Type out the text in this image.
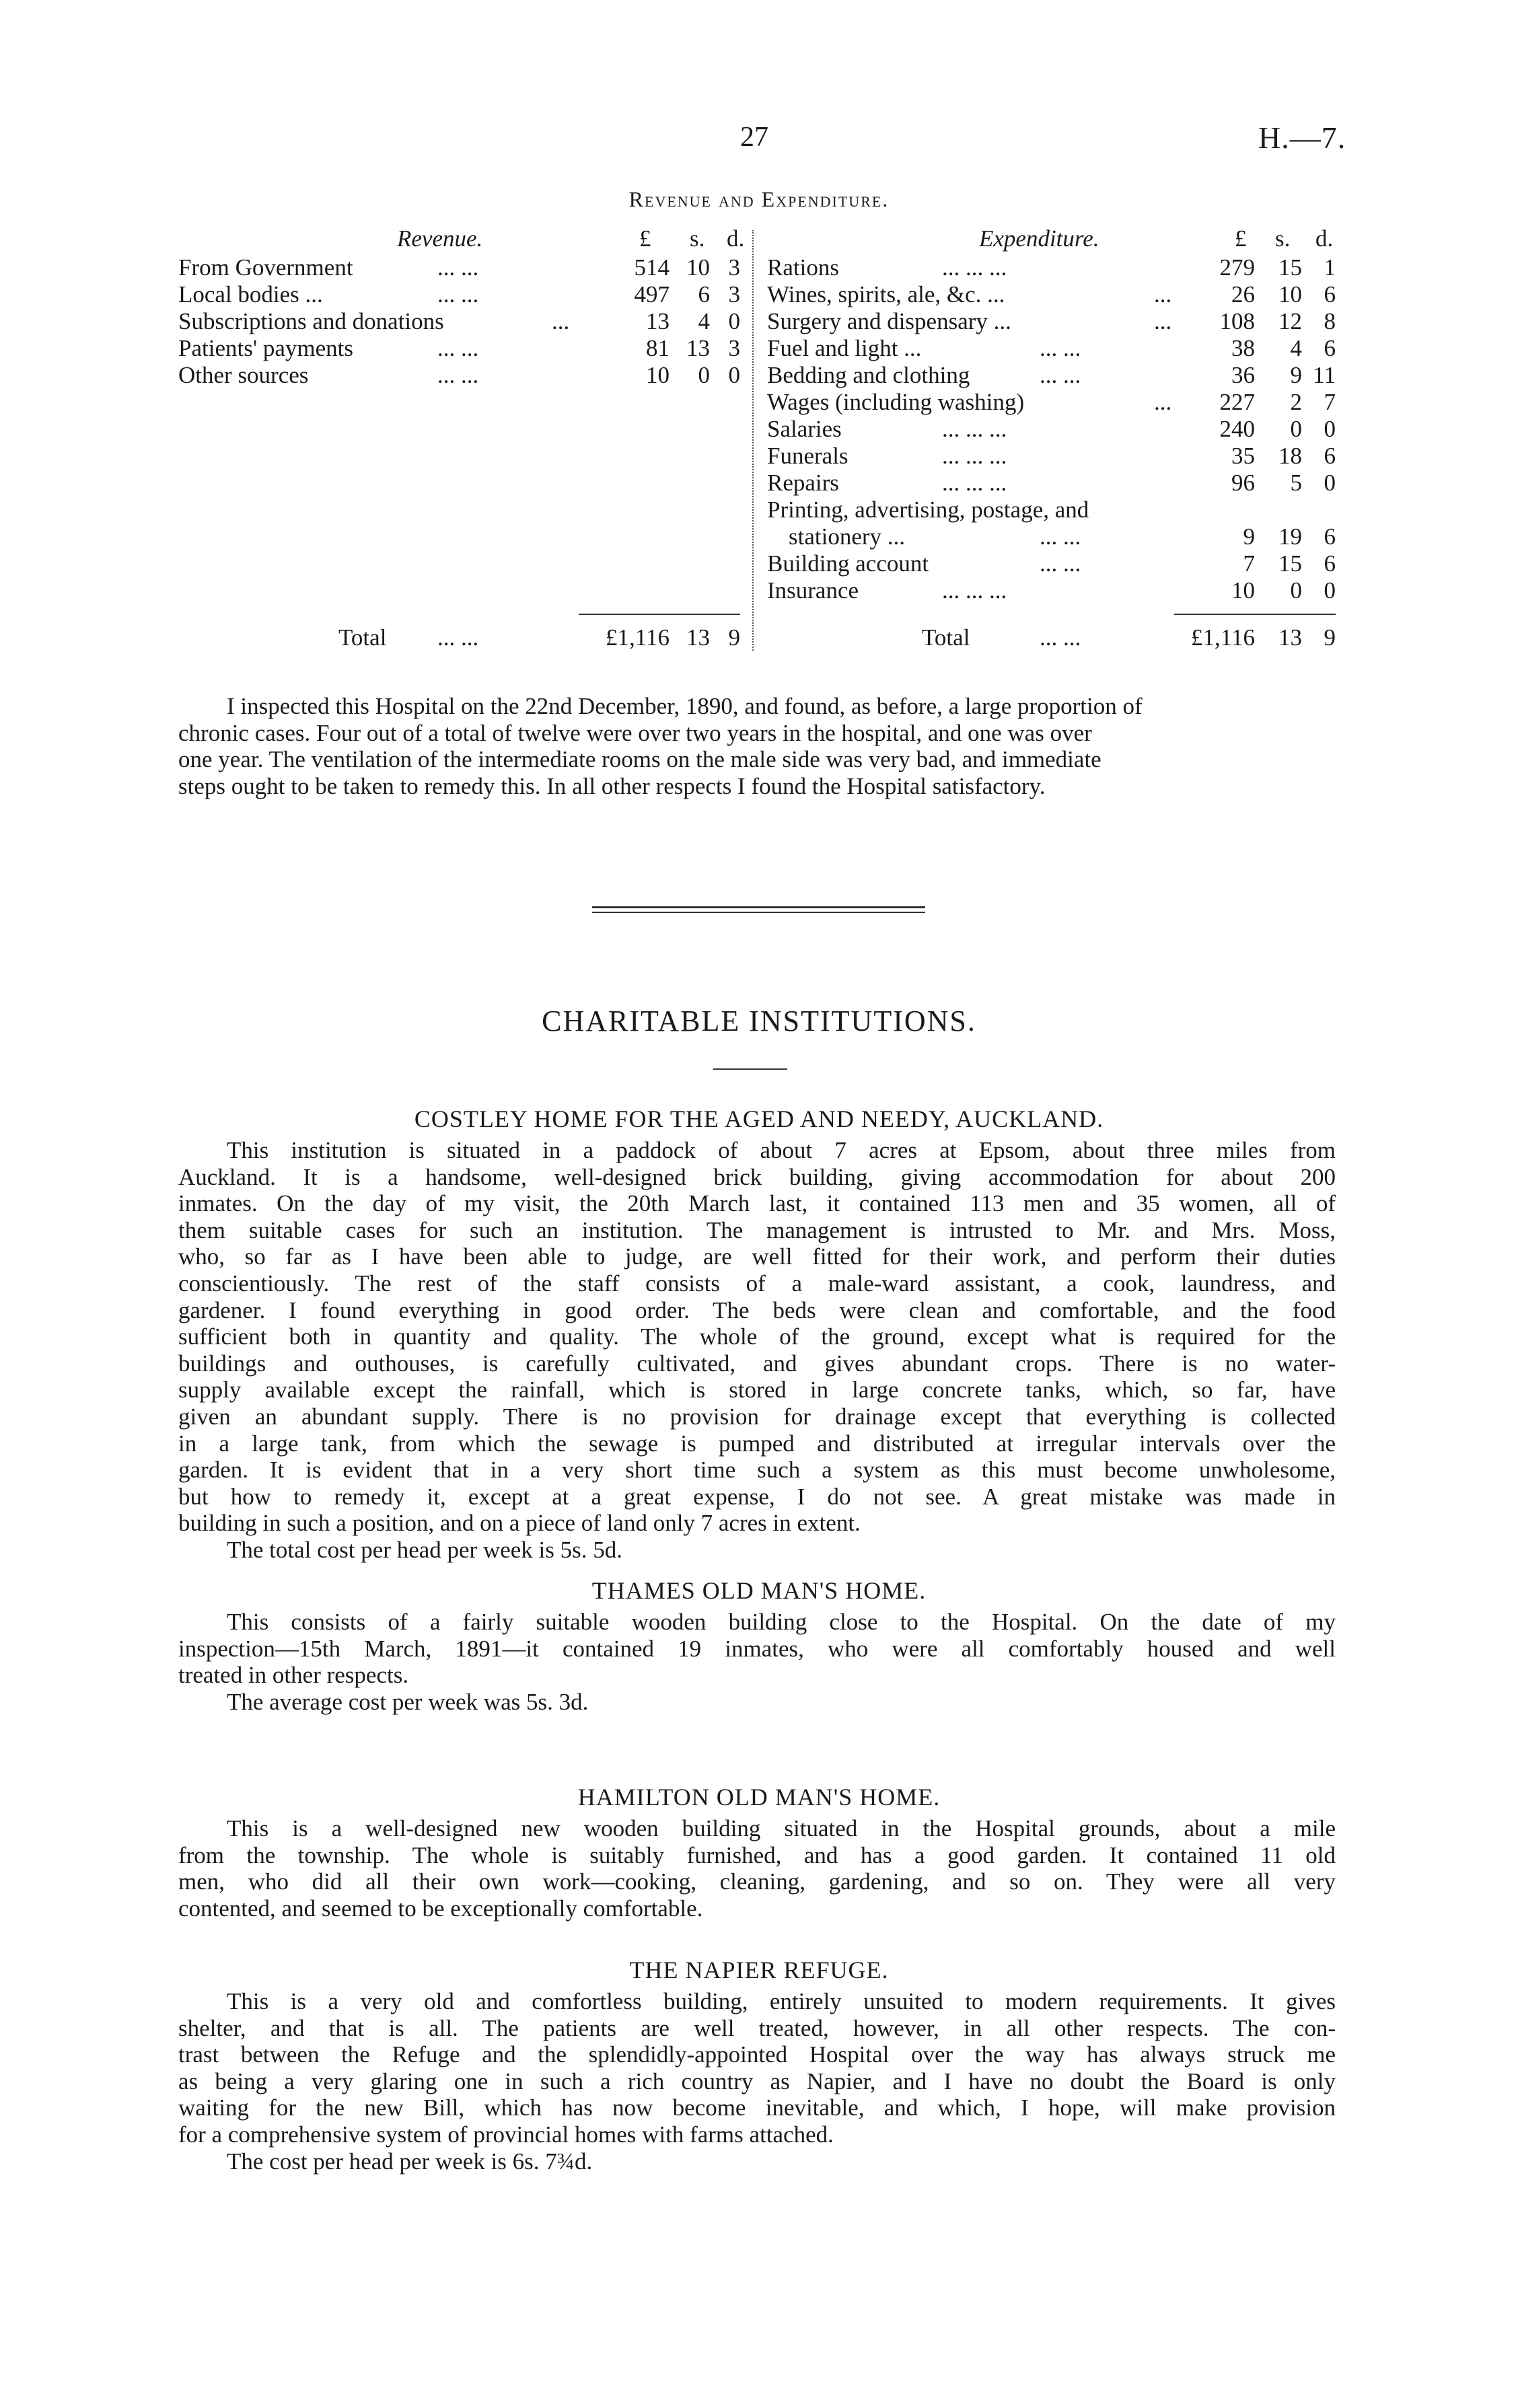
27	H.—7.
Revenue and Expenditure.
Revenue.	£ s. d.	Expenditure.	£ s. d.
From Government	... ...	514 10 3
Local bodies ...	... ...	497	6 3
Subscriptions and donations	...	13	4 0
Patients' payments	... ...	81 13 3
Other sources	... ...	10	0 0
Rations	... ... ...	279	15 1
Wines, spirits, ale, &c. ...	...	26	10 6
Surgery and dispensary ...	...	108	12 8
Fuel and light ...	... ...	38	4 6
Bedding and clothing	... ...	36	9 11
Wages (including washing)	...	227	2 7
Salaries	... ... ...	240	0 0
Funerals	... ... ...	35	18 6
Repairs	... ... ...	96	5 0
Printing, advertising, postage, and
stationery ...	... ...	9	19 6
Building account	... ...	7	15 6
Insurance	... ... ...	10	0 0
Total ... ...	£1,116 13 9	Total	... ...	£1,116	13 9
I inspected this Hospital on the 22nd December, 1890, and found, as before, a large proportion of
chronic cases. Four out of a total of twelve were over two years in the hospital, and one was over
one year. The ventilation of the intermediate rooms on the male side was very bad, and immediate
steps ought to be taken to remedy this. In all other respects I found the Hospital satisfactory.
CHARITABLE INSTITUTIONS.
COSTLEY HOME FOR THE AGED AND NEEDY, AUCKLAND.
This institution is situated in a paddock of about 7 acres at Epsom, about three miles from
Auckland. It is a handsome, well-designed brick building, giving accommodation for about 200
inmates. On the day of my visit, the 20th March last, it contained 113 men and 35 women, all of
them suitable cases for such an institution. The management is intrusted to Mr. and Mrs. Moss,
who, so far as I have been able to judge, are well fitted for their work, and perform their duties
conscientiously. The rest of the staff consists of a male-ward assistant, a cook, laundress, and
gardener. I found everything in good order. The beds were clean and comfortable, and the food
sufficient both in quantity and quality. The whole of the ground, except what is required for the
buildings and outhouses, is carefully cultivated, and gives abundant crops. There is no water-
supply available except the rainfall, which is stored in large concrete tanks, which, so far, have
given an abundant supply. There is no provision for drainage except that everything is collected
in a large tank, from which the sewage is pumped and distributed at irregular intervals over the
garden. It is evident that in a very short time such a system as this must become unwholesome,
but how to remedy it, except at a great expense, I do not see. A great mistake was made in
building in such a position, and on a piece of land only 7 acres in extent.
The total cost per head per week is 5s. 5d.
THAMES OLD MAN'S HOME.
This consists of a fairly suitable wooden building close to the Hospital. On the date of my
inspection—15th March, 1891—it contained 19 inmates, who were all comfortably housed and well
treated in other respects.
The average cost per week was 5s. 3d.
HAMILTON OLD MAN'S HOME.
This is a well-designed new wooden building situated in the Hospital grounds, about a mile
from the township. The whole is suitably furnished, and has a good garden. It contained 11 old
men, who did all their own work—cooking, cleaning, gardening, and so on. They were all very
contented, and seemed to be exceptionally comfortable.
THE NAPIER REFUGE.
This is a very old and comfortless building, entirely unsuited to modern requirements. It gives
shelter, and that is all. The patients are well treated, however, in all other respects. The con-
trast between the Refuge and the splendidly-appointed Hospital over the way has always struck me
as being a very glaring one in such a rich country as Napier, and I have no doubt the Board is only
waiting for the new Bill, which has now become inevitable, and which, I hope, will make provision
for a comprehensive system of provincial homes with farms attached.
The cost per head per week is 6s. 7¾d.
